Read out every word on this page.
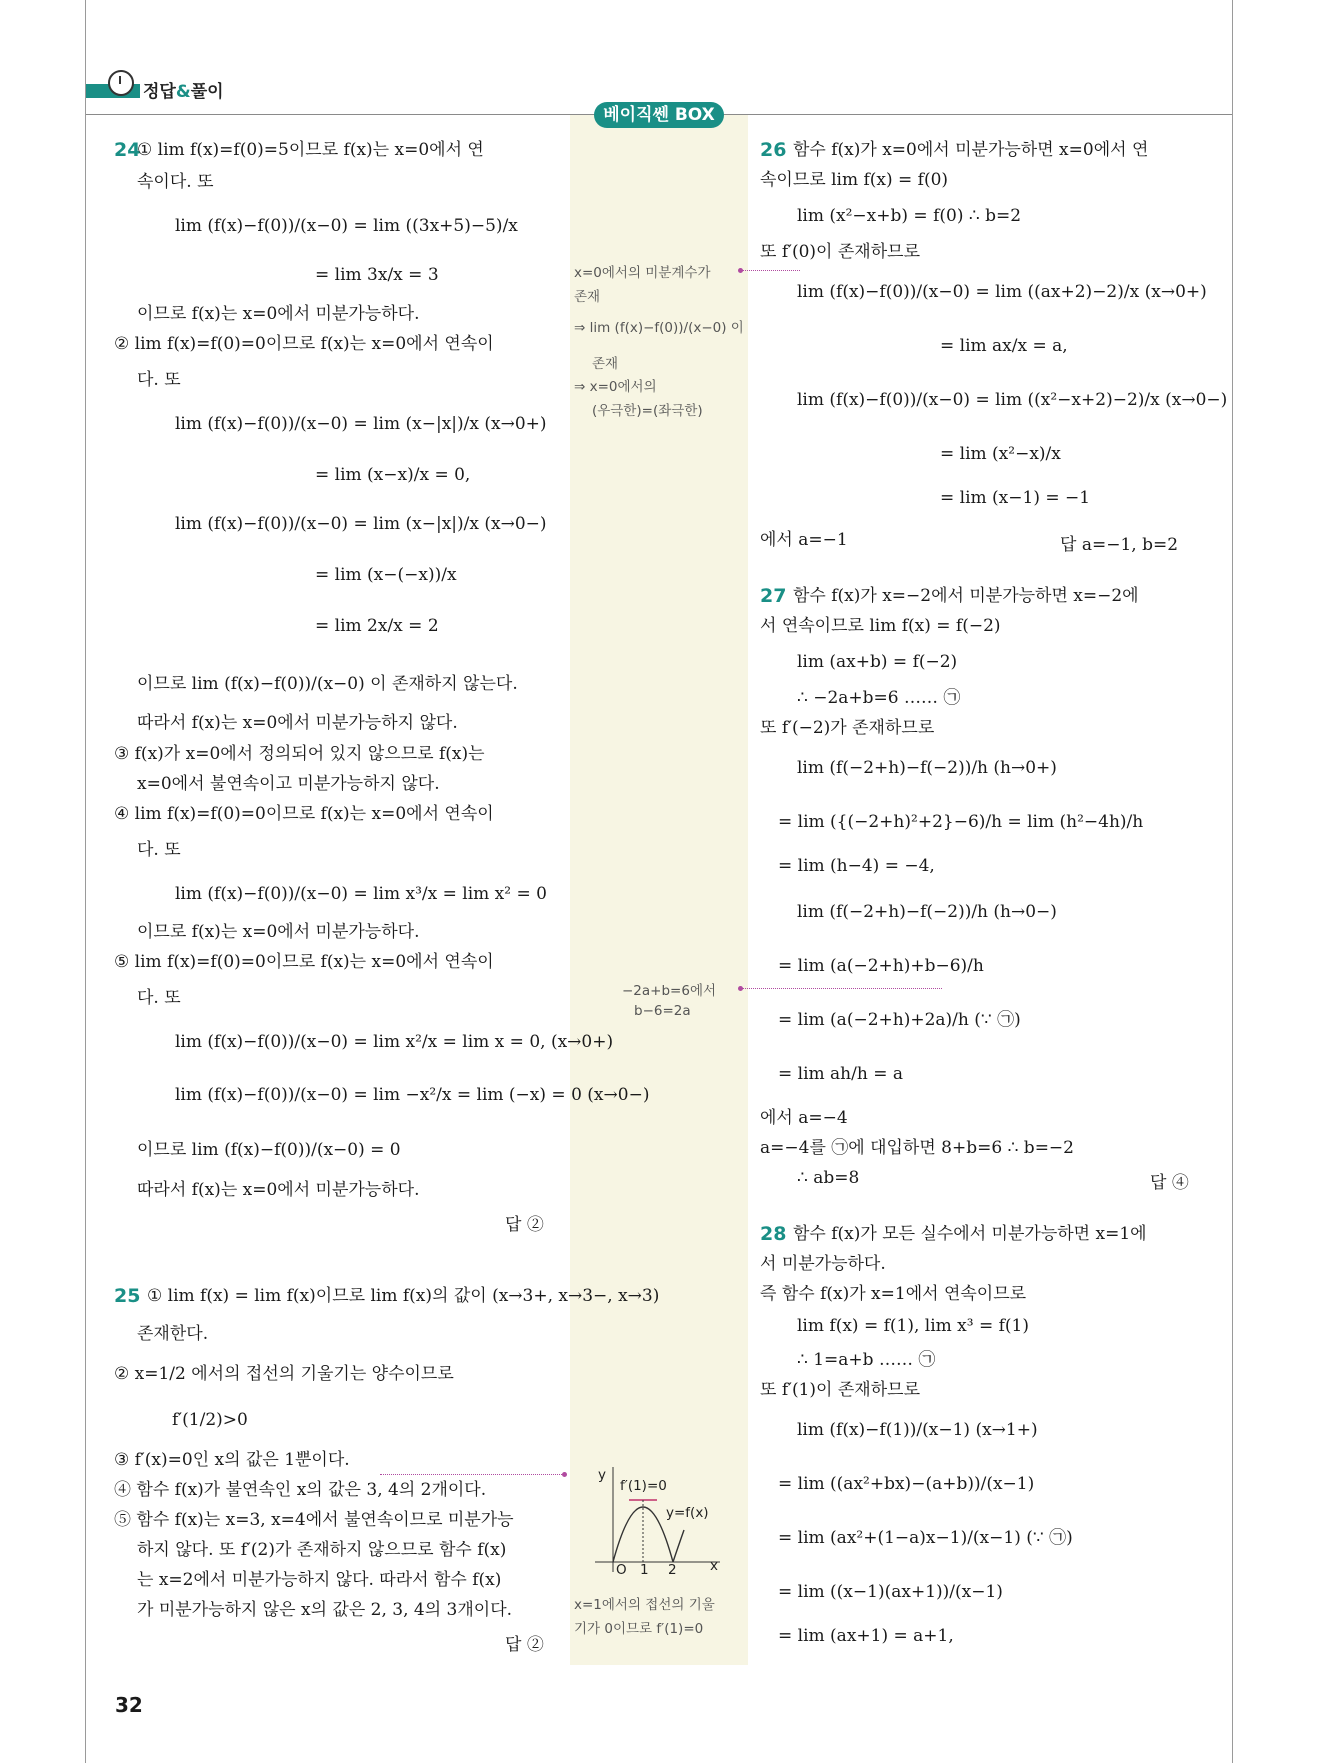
정답&풀이
베이직쎈 BOX
24
① lim f(x)=f(0)=5이므로 f(x)는 x=0에서 연
속이다. 또
lim (f(x)−f(0))/(x−0) = lim ((3x+5)−5)/x
= lim 3x/x = 3
이므로 f(x)는 x=0에서 미분가능하다.
② lim f(x)=f(0)=0이므로 f(x)는 x=0에서 연속이
다. 또
lim (f(x)−f(0))/(x−0) = lim (x−|x|)/x (x→0+)
= lim (x−x)/x = 0,
lim (f(x)−f(0))/(x−0) = lim (x−|x|)/x (x→0−)
= lim (x−(−x))/x
= lim 2x/x = 2
이므로 lim (f(x)−f(0))/(x−0) 이 존재하지 않는다.
따라서 f(x)는 x=0에서 미분가능하지 않다.
③ f(x)가 x=0에서 정의되어 있지 않으므로 f(x)는
x=0에서 불연속이고 미분가능하지 않다.
④ lim f(x)=f(0)=0이므로 f(x)는 x=0에서 연속이
다. 또
lim (f(x)−f(0))/(x−0) = lim x³/x = lim x² = 0
이므로 f(x)는 x=0에서 미분가능하다.
⑤ lim f(x)=f(0)=0이므로 f(x)는 x=0에서 연속이
다. 또
lim (f(x)−f(0))/(x−0) = lim x²/x = lim x = 0, (x→0+)
lim (f(x)−f(0))/(x−0) = lim −x²/x = lim (−x) = 0 (x→0−)
이므로 lim (f(x)−f(0))/(x−0) = 0
따라서 f(x)는 x=0에서 미분가능하다.
답 ②
25 ① lim f(x) = lim f(x)이므로 lim f(x)의 값이 (x→3+, x→3−, x→3)
존재한다.
② x=1/2 에서의 접선의 기울기는 양수이므로
f′(1/2)>0
③ f′(x)=0인 x의 값은 1뿐이다.
④ 함수 f(x)가 불연속인 x의 값은 3, 4의 2개이다.
⑤ 함수 f(x)는 x=3, x=4에서 불연속이므로 미분가능
하지 않다. 또 f′(2)가 존재하지 않으므로 함수 f(x)
는 x=2에서 미분가능하지 않다. 따라서 함수 f(x)
가 미분가능하지 않은 x의 값은 2, 3, 4의 3개이다.
답 ②
x=0에서의 미분계수가
존재
⇒ lim (f(x)−f(0))/(x−0) 이
존재
⇒ x=0에서의
(우극한)=(좌극한)
−2a+b=6에서
b−6=2a
f′(1)=0
y=f(x)
y
x
O 1 2
x=1에서의 접선의 기울
기가 0이므로 f′(1)=0
26 함수 f(x)가 x=0에서 미분가능하면 x=0에서 연
속이므로 lim f(x) = f(0)
lim (x²−x+b) = f(0) ∴ b=2
또 f′(0)이 존재하므로
lim (f(x)−f(0))/(x−0) = lim ((ax+2)−2)/x (x→0+)
= lim ax/x = a,
lim (f(x)−f(0))/(x−0) = lim ((x²−x+2)−2)/x (x→0−)
= lim (x²−x)/x
= lim (x−1) = −1
에서 a=−1	답 a=−1, b=2
27 함수 f(x)가 x=−2에서 미분가능하면 x=−2에
서 연속이므로 lim f(x) = f(−2)
lim (ax+b) = f(−2)
∴ −2a+b=6 …… ㉠
또 f′(−2)가 존재하므로
lim (f(−2+h)−f(−2))/h (h→0+)
= lim ({(−2+h)²+2}−6)/h = lim (h²−4h)/h
= lim (h−4) = −4,
lim (f(−2+h)−f(−2))/h (h→0−)
= lim (a(−2+h)+b−6)/h
= lim (a(−2+h)+2a)/h (∵ ㉠)
= lim ah/h = a
에서 a=−4
a=−4를 ㉠에 대입하면 8+b=6 ∴ b=−2
∴ ab=8	답 ④
28 함수 f(x)가 모든 실수에서 미분가능하면 x=1에
서 미분가능하다.
즉 함수 f(x)가 x=1에서 연속이므로
lim f(x) = f(1), lim x³ = f(1)
∴ 1=a+b …… ㉠
또 f′(1)이 존재하므로
lim (f(x)−f(1))/(x−1) (x→1+)
= lim ((ax²+bx)−(a+b))/(x−1)
= lim (ax²+(1−a)x−1)/(x−1) (∵ ㉠)
= lim ((x−1)(ax+1))/(x−1)
= lim (ax+1) = a+1,
32
